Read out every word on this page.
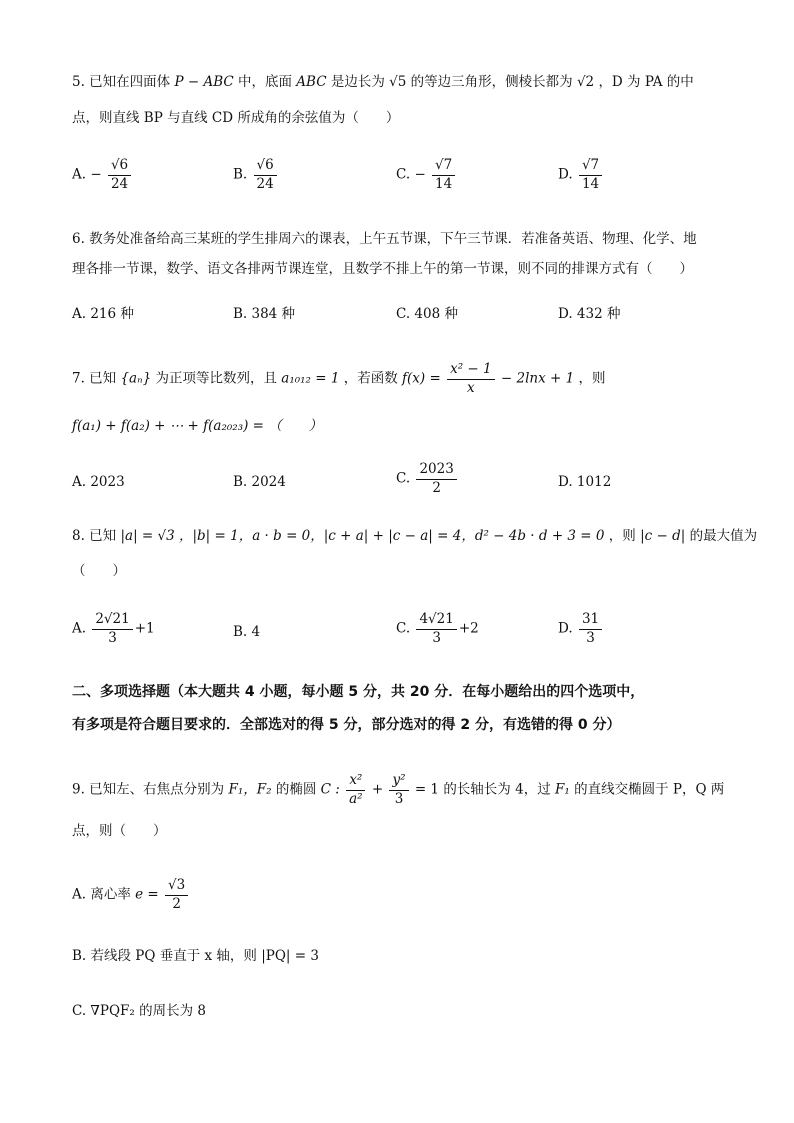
5. 已知在四面体 P − ABC 中，底面 ABC 是边长为 √5 的等边三角形，侧棱长都为 √2 ，D 为 PA 的中
点，则直线 BP 与直线 CD 所成角的余弦值为（　　）
A. − $\frac{√6}{24}$	B. $\frac{√6}{24}$	C. − $\frac{√7}{14}$	D. $\frac{√7}{14}$
6. 教务处准备给高三某班的学生排周六的课表，上午五节课，下午三节课．若准备英语、物理、化学、地
理各排一节课，数学、语文各排两节课连堂，且数学不排上午的第一节课，则不同的排课方式有（　　）
A. 216 种	B. 384 种	C. 408 种	D. 432 种
7. 已知 {aₙ} 为正项等比数列，且 a₁₀₁₂ = 1 ，若函数 $f(x) = \frac{\text{x² − 1}}{x} - 2\ln x + 1$ ，则
f(a₁) + f(a₂) + ⋯ + f(a₂₀₂₃) = （　　）
A. 2023	B. 2024	C. $\frac{2023}{2}$	D. 1012
8. 已知 |a| = √3 ，|b| = 1，a · b = 0，|c + a| + |c − a| = 4，d² − 4b · d + 3 = 0 ，则 |c − d| 的最大值为
（　　）
A. $\frac{2√21}{3} +1$	B. 4	C. $\frac{4√21}{3} +2$	D. $\frac{31}{3}$
二、多项选择题（本大题共 4 小题，每小题 5 分，共 20 分．在每小题给出的四个选项中，
有多项是符合题目要求的．全部选对的得 5 分，部分选对的得 2 分，有选错的得 0 分）
9. 已知左、右焦点分别为 F₁，F₂ 的椭圆 C : $\frac{\text{x²}}{\text{a²}} + \frac{\text{y²}}{3} = 1$ 的长轴长为 4，过 F₁ 的直线交椭圆于 P，Q 两
点，则（　　）
A. 离心率 $e = \frac{√3}{2}$
B. 若线段 PQ 垂直于 x 轴，则 |PQ| = 3
C. ∇PQF₂ 的周长为 8
